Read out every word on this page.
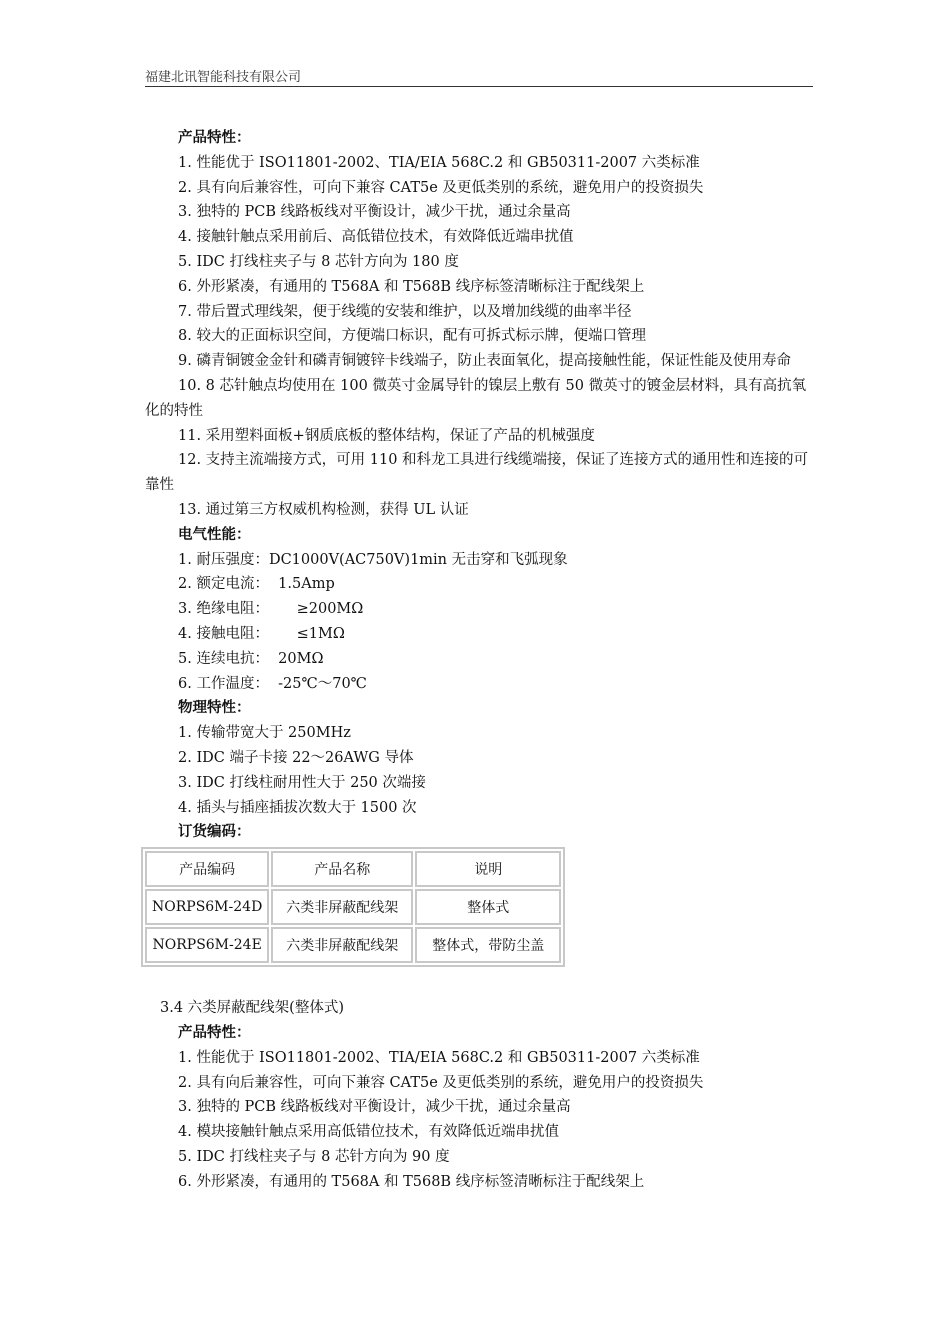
福建北讯智能科技有限公司
产品特性：
1. 性能优于 ISO11801-2002、TIA/EIA 568C.2 和 GB50311-2007 六类标准
2. 具有向后兼容性，可向下兼容 CAT5e 及更低类别的系统，避免用户的投资损失
3. 独特的 PCB 线路板线对平衡设计，减少干扰，通过余量高
4. 接触针触点采用前后、高低错位技术，有效降低近端串扰值
5. IDC 打线柱夹子与 8 芯针方向为 180 度
6. 外形紧凑，有通用的 T568A 和 T568B 线序标签清晰标注于配线架上
7. 带后置式理线架，便于线缆的安装和维护，以及增加线缆的曲率半径
8. 较大的正面标识空间，方便端口标识，配有可拆式标示牌，便端口管理
9. 磷青铜镀金金针和磷青铜镀锌卡线端子，防止表面氧化，提高接触性能，保证性能及使用寿命
10. 8 芯针触点均使用在 100 微英寸金属导针的镍层上敷有 50 微英寸的镀金层材料，具有高抗氧化的特性
11. 采用塑料面板+钢质底板的整体结构，保证了产品的机械强度
12. 支持主流端接方式，可用 110 和科龙工具进行线缆端接，保证了连接方式的通用性和连接的可靠性
13. 通过第三方权威机构检测，获得 UL 认证
电气性能：
1. 耐压强度：DC1000V(AC750V)1min 无击穿和飞弧现象
2. 额定电流：  1.5Amp
3. 绝缘电阻：      ≥200MΩ
4. 接触电阻：      ≤1MΩ
5. 连续电抗：  20MΩ
6. 工作温度：  -25℃～70℃
物理特性：
1. 传输带宽大于 250MHz
2. IDC 端子卡接 22～26AWG 导体
3. IDC 打线柱耐用性大于 250 次端接
4. 插头与插座插拔次数大于 1500 次
订货编码：
产品编码	产品名称	说明
NORPS6M-24D	六类非屏蔽配线架	整体式
NORPS6M-24E	六类非屏蔽配线架	整体式，带防尘盖
3.4 六类屏蔽配线架(整体式)
产品特性：
1. 性能优于 ISO11801-2002、TIA/EIA 568C.2 和 GB50311-2007 六类标准
2. 具有向后兼容性，可向下兼容 CAT5e 及更低类别的系统，避免用户的投资损失
3. 独特的 PCB 线路板线对平衡设计，减少干扰，通过余量高
4. 模块接触针触点采用高低错位技术，有效降低近端串扰值
5. IDC 打线柱夹子与 8 芯针方向为 90 度
6. 外形紧凑，有通用的 T568A 和 T568B 线序标签清晰标注于配线架上
